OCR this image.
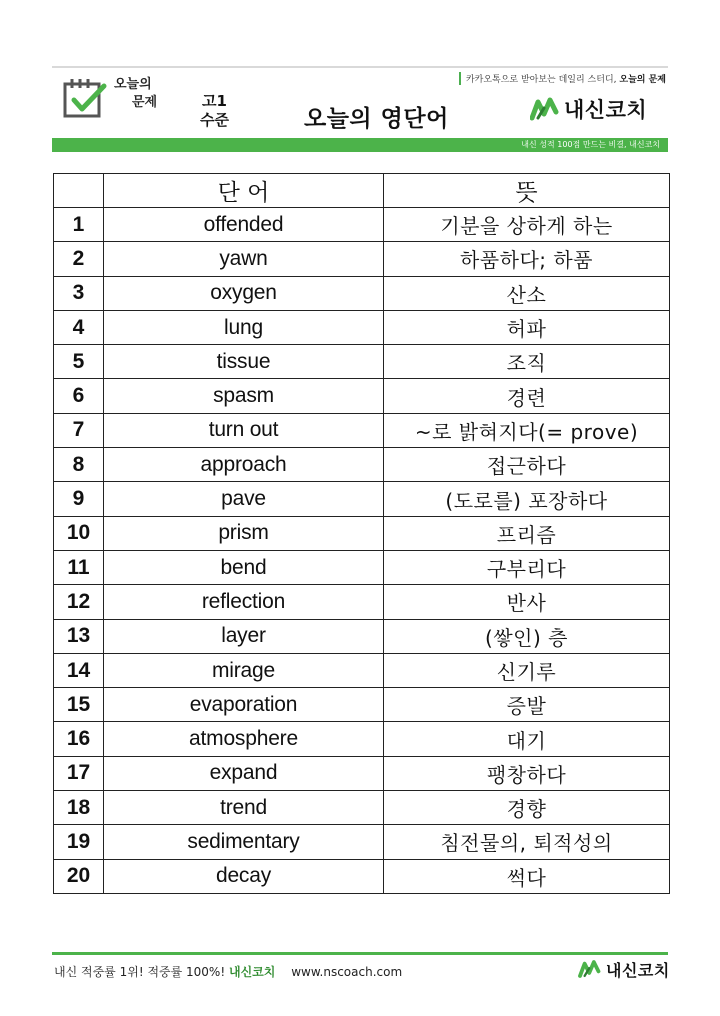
오늘의
문제	고1
수준	오늘의 영단어
카카오톡으로 받아보는 데일리 스터디, 오늘의 문제
내신코치
내신 성적 100점 만드는 비결, 내신코치
	단 어	뜻
1	offended	기분을 상하게 하는
2	yawn	하품하다; 하품
3	oxygen	산소
4	lung	허파
5	tissue	조직
6	spasm	경련
7	turn out	~로 밝혀지다(= prove)
8	approach	접근하다
9	pave	(도로를) 포장하다
10	prism	프리즘
11	bend	구부리다
12	reflection	반사
13	layer	(쌓인) 층
14	mirage	신기루
15	evaporation	증발
16	atmosphere	대기
17	expand	팽창하다
18	trend	경향
19	sedimentary	침전물의, 퇴적성의
20	decay	썩다
내신 적중률 1위! 적중률 100%! 내신코치 www.nscoach.com	내신코치
